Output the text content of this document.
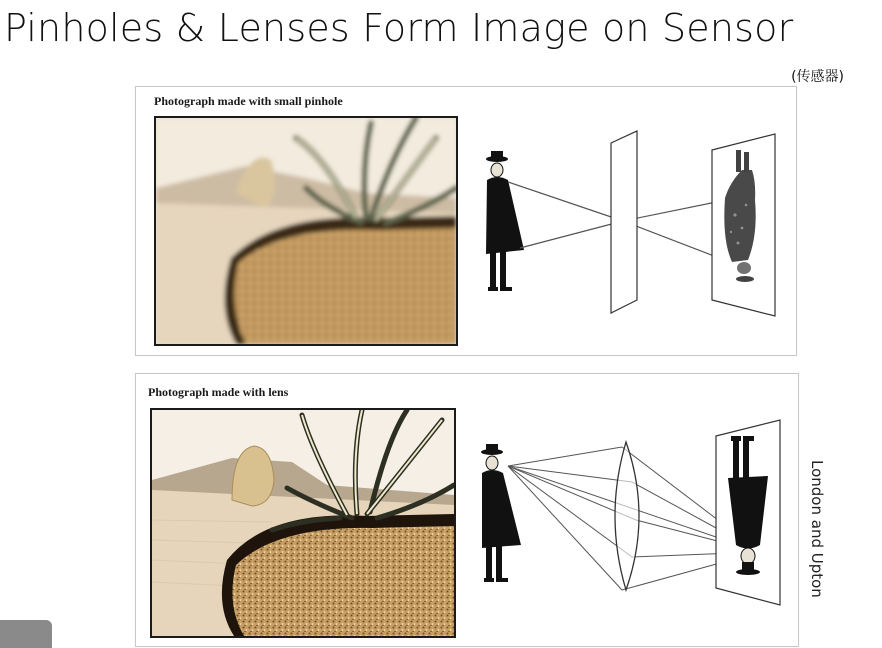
Pinholes & Lenses Form Image on Sensor
(传感器)
Photograph made with small pinhole
Photograph made with lens
London and Upton
